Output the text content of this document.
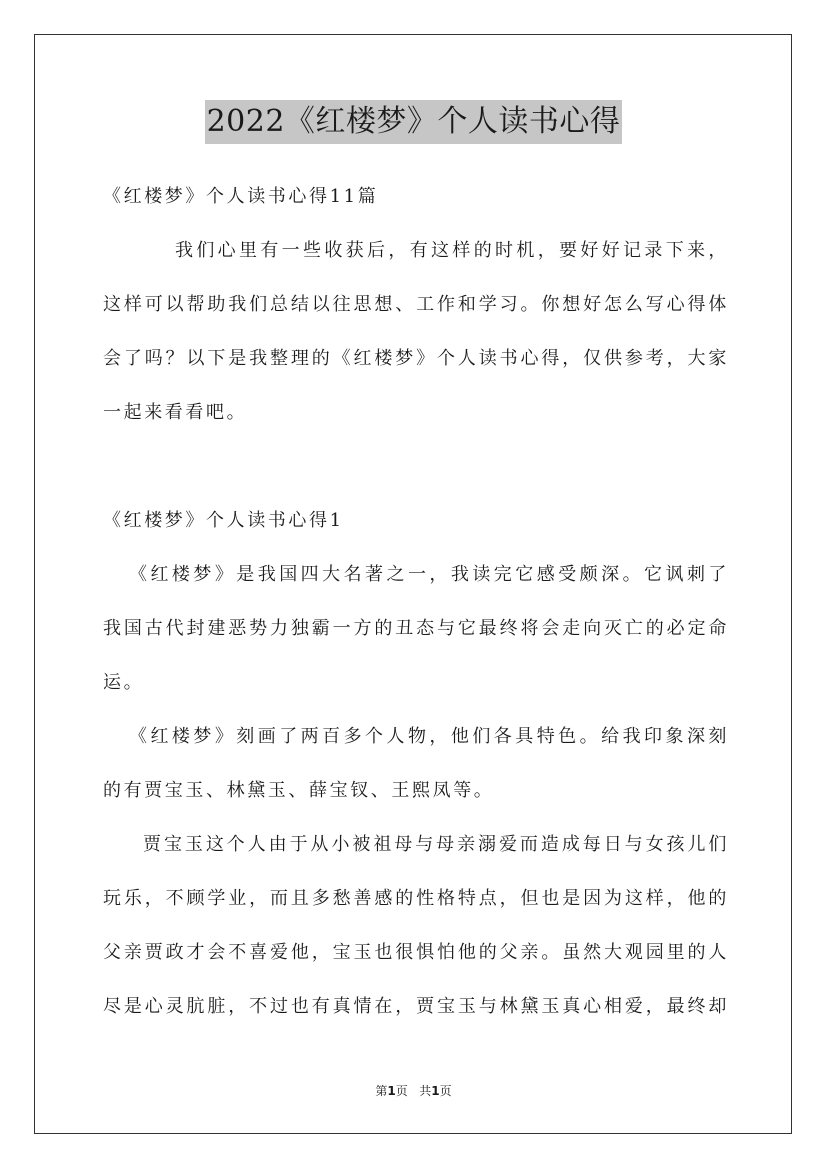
2022《红楼梦》个人读书心得
《红楼梦》个人读书心得11篇
我们心里有一些收获后，有这样的时机，要好好记录下来，
这样可以帮助我们总结以往思想、工作和学习。你想好怎么写心得体
会了吗？以下是我整理的《红楼梦》个人读书心得，仅供参考，大家
一起来看看吧。
《红楼梦》个人读书心得1
《红楼梦》是我国四大名著之一，我读完它感受颇深。它讽刺了
我国古代封建恶势力独霸一方的丑态与它最终将会走向灭亡的必定命
运。
《红楼梦》刻画了两百多个人物，他们各具特色。给我印象深刻
的有贾宝玉、林黛玉、薛宝钗、王熙凤等。
贾宝玉这个人由于从小被祖母与母亲溺爱而造成每日与女孩儿们
玩乐，不顾学业，而且多愁善感的性格特点，但也是因为这样，他的
父亲贾政才会不喜爱他，宝玉也很惧怕他的父亲。虽然大观园里的人
尽是心灵肮脏，不过也有真情在，贾宝玉与林黛玉真心相爱，最终却
第1页 共1页
